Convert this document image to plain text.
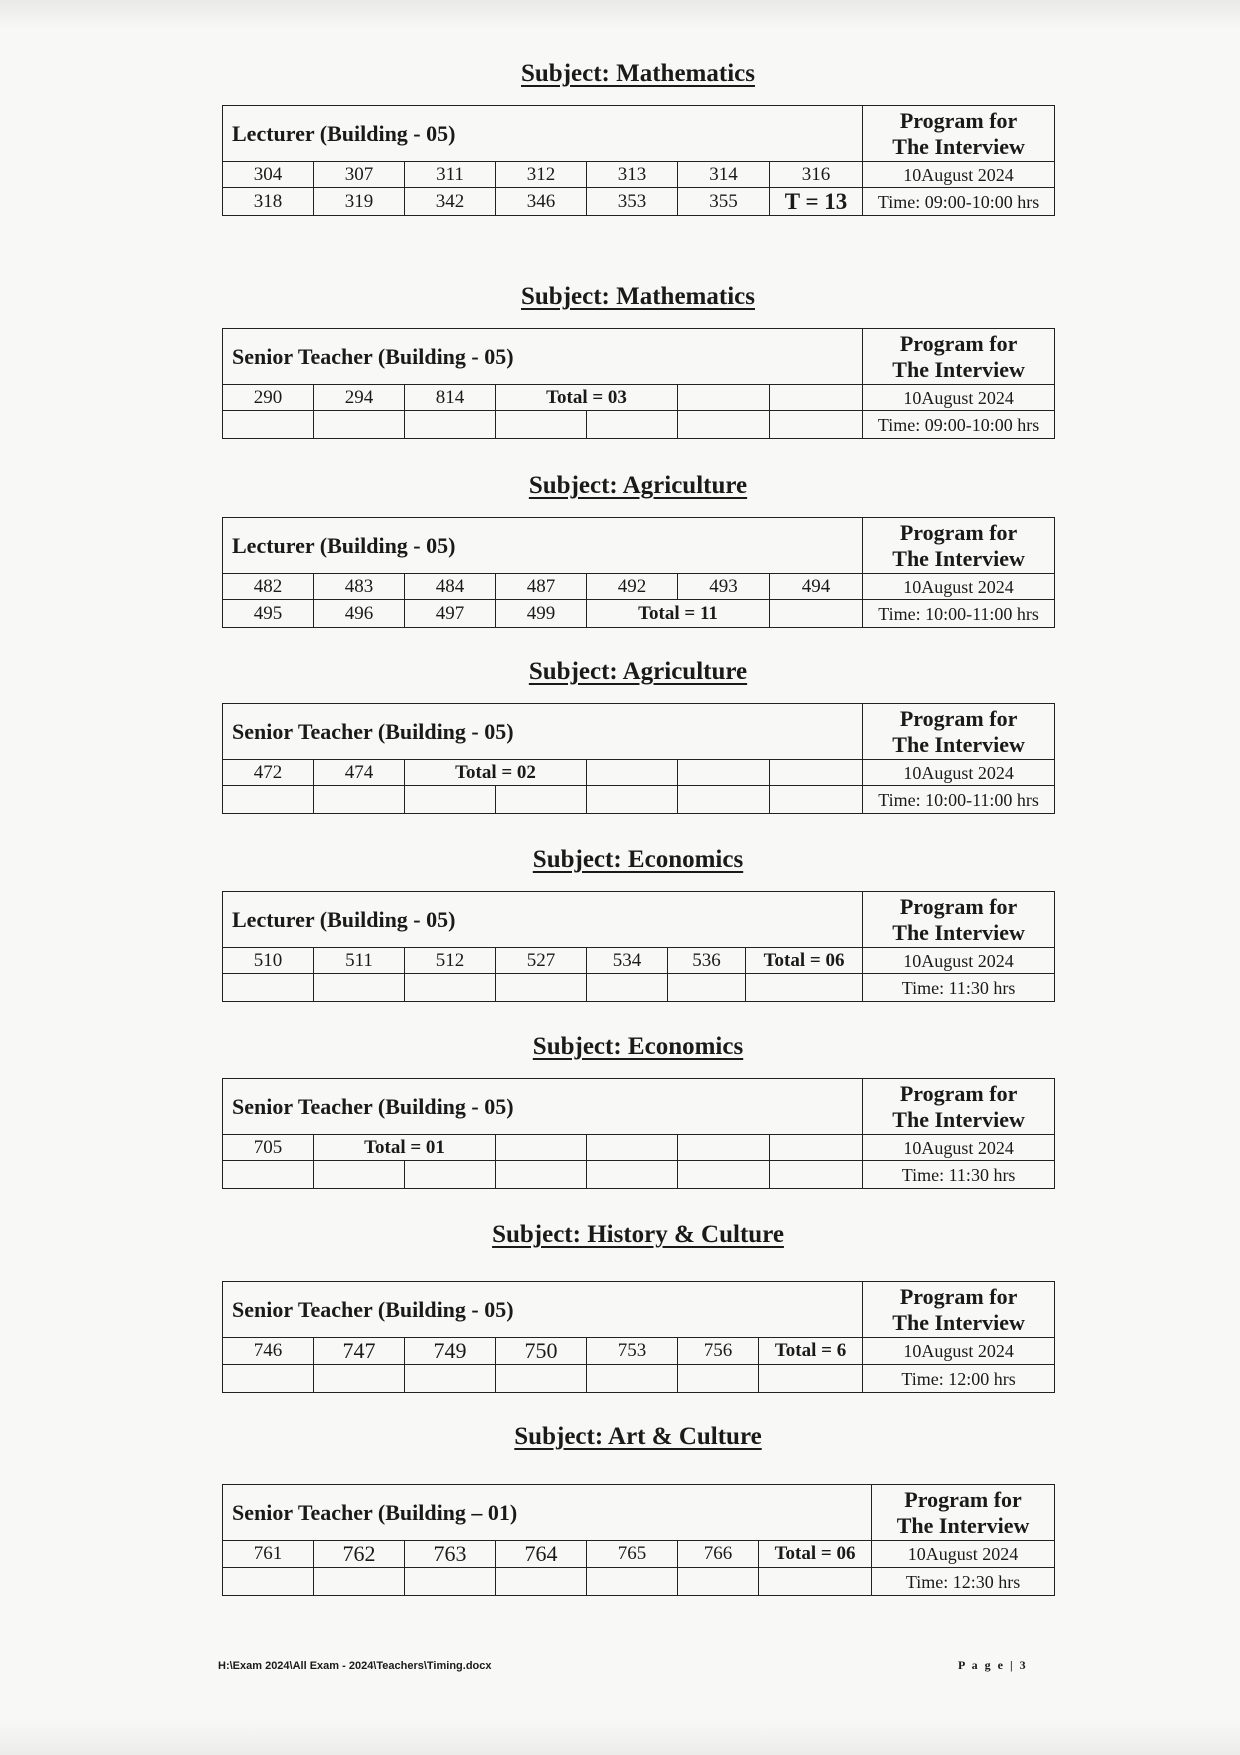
Subject: Mathematics
Lecturer (Building - 05)							Program for
The Interview

304	307	311	312	313	314	316	10August 2024
318	319	342	346	353	355	T = 13	Time: 09:00-10:00 hrs
Subject: Mathematics
Senior Teacher (Building - 05)							Program for
The Interview

290	294	814	Total = 03				10August 2024
							Time: 09:00-10:00 hrs
Subject: Agriculture
Lecturer (Building - 05)							Program for
The Interview

482	483	484	487	492	493	494	10August 2024
495	496	497	499	Total = 11			Time: 10:00-11:00 hrs
Subject: Agriculture
Senior Teacher (Building - 05)							Program for
The Interview

472	474	Total = 02					10August 2024
							Time: 10:00-11:00 hrs
Subject: Economics
Lecturer (Building - 05)							Program for
The Interview

510	511	512	527	534	536	Total = 06	10August 2024
							Time: 11:30 hrs
Subject: Economics
Senior Teacher (Building - 05)							Program for
The Interview

705	Total = 01						10August 2024
							Time: 11:30 hrs
Subject: History & Culture
Senior Teacher (Building - 05)							Program for
The Interview

746	747	749	750	753	756	Total = 6	10August 2024
							Time: 12:00 hrs
Subject: Art & Culture
Senior Teacher (Building – 01)							Program for
The Interview

761	762	763	764	765	766	Total = 06	10August 2024
							Time: 12:30 hrs
H:\Exam 2024\All Exam - 2024\Teachers\Timing.docx	P a g e | 3
